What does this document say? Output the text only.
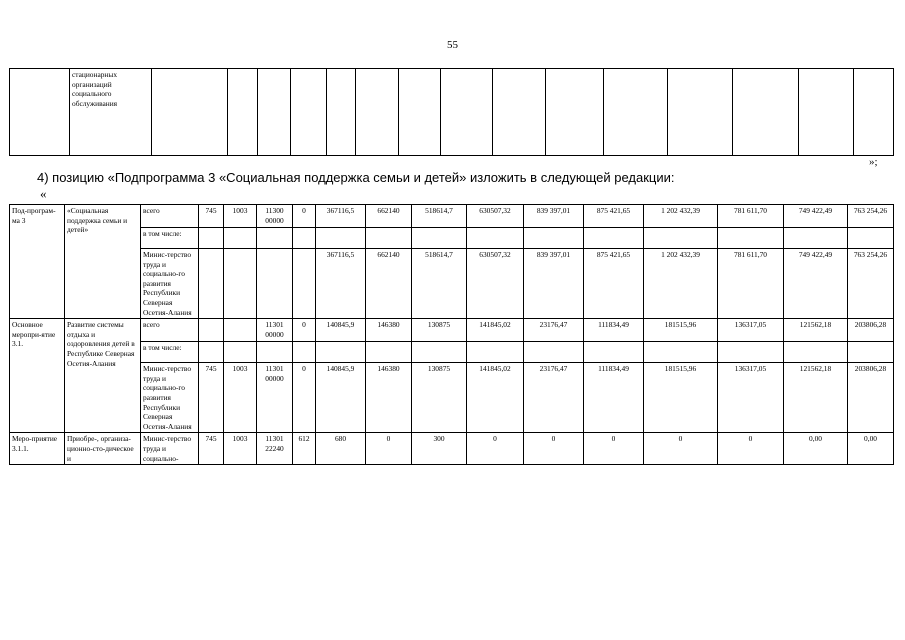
55
	стационарных организаций социального обслуживания															
»;
4) позицию «Подпрограмма 3 «Социальная поддержка семьи и детей» изложить в следующей редакции:
«
Под-програм-ма 3	«Социальная поддержка семьи и детей»	всего	745	1003	11300 00000	0	367116,5	662140	518614,7	630507,32	839 397,01	875 421,65	1 202 432,39	781 611,70	749 422,49	763 254,26
		в том числе:														
		Минис-терство труда и социально-го развития Республики Северная Осетия-Алания					367116,5	662140	518614,7	630507,32	839 397,01	875 421,65	1 202 432,39	781 611,70	749 422,49	763 254,26
Основное меропри-ятие 3.1.	Развитие системы отдыха и оздоровления детей в Республике Северная Осетия-Алания	всего			11301 00000	0	140845,9	146380	130875	141845,02	23176,47	111834,49	181515,96	136317,05	121562,18	203806,28
		в том числе:														
		Минис-терство труда и социально-го развития Республики Северная Осетия-Алания	745	1003	11301 00000	0	140845,9	146380	130875	141845,02	23176,47	111834,49	181515,96	136317,05	121562,18	203806,28
Меро-приятие 3.1.1.	Приобре-, организа-ционно-сто-дическое и	Минис-терство труда и социально-	745	1003	11301 22240	612	680	0	300	0	0	0	0	0	0,00	0,00
